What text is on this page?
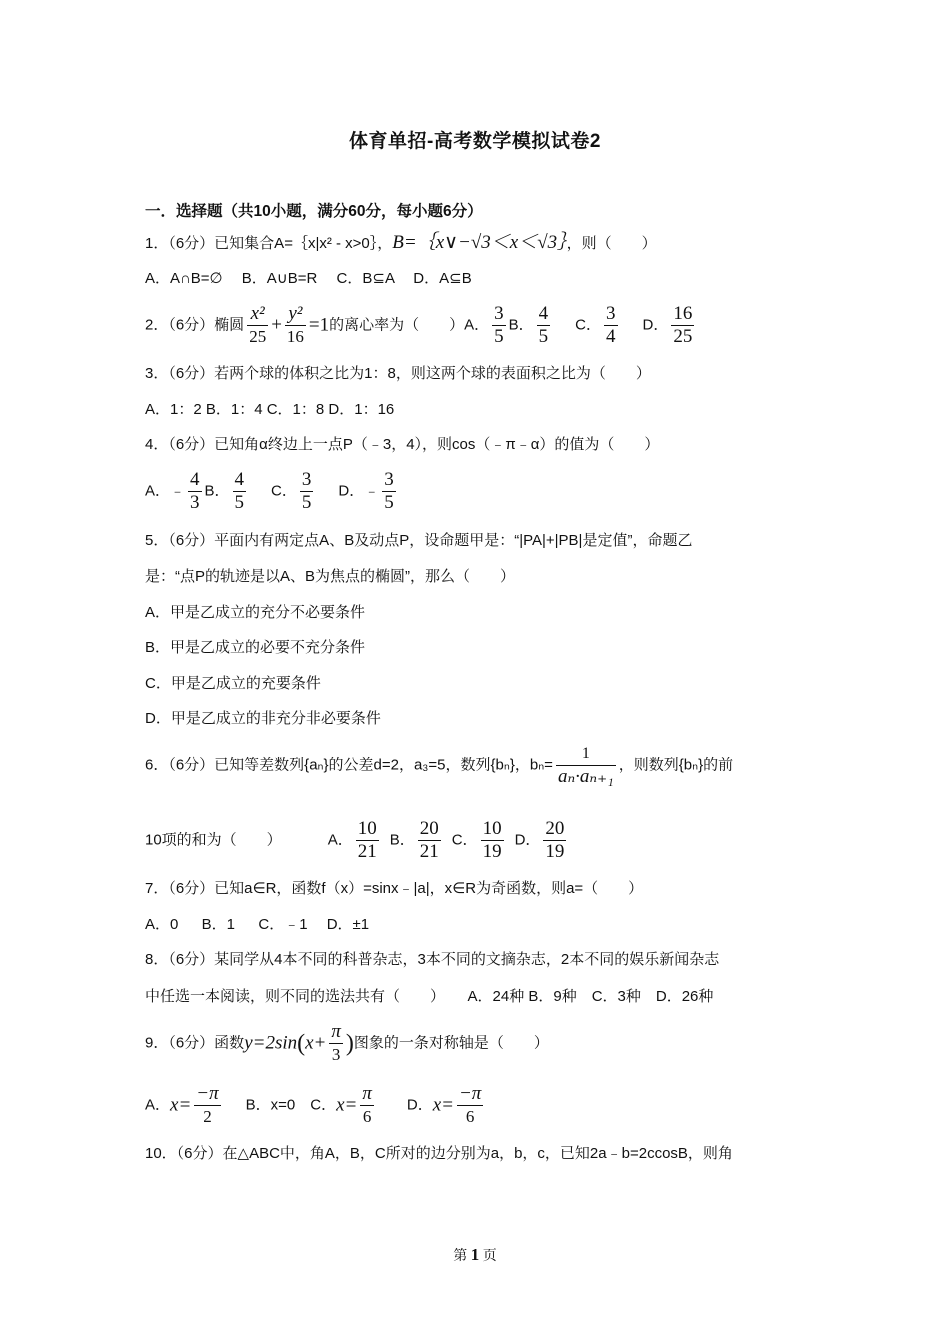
体育单招-高考数学模拟试卷2
一．选择题（共10小题，满分60分，每小题6分）
1．（6分）已知集合A=｛x|x² - x>0｝，B=｛x∨−√3＜x＜√3｝，则（　　）
A．A∩B=∅ 　B．A∪B=R 　C．B⊆A 　D．A⊆B
2．（6分）椭圆 $\frac{\text{x²}}{25} + \frac{\text{y²}}{16} =1$的离心率为（　　）A． $\frac{3}{5}$ B． $\frac{4}{5}$ C． $\frac{3}{4}$ D． $\frac{16}{25}$
3．（6分）若两个球的体积之比为1：8，则这两个球的表面积之比为（　　）
A．1：2 B．1：4 C．1：8 D．1：16
4．（6分）已知角α终边上一点P（﹣3，4），则cos（﹣π﹣α）的值为（　　）
A．﹣ $\frac{4}{3}$ B． $\frac{4}{5}$ C． $\frac{3}{5}$ D．﹣ $\frac{3}{5}$
5．（6分）平面内有两定点A、B及动点P，设命题甲是：“|PA|+|PB|是定值”，命题乙
是：“点P的轨迹是以A、B为焦点的椭圆”，那么（　　）
A．甲是乙成立的充分不必要条件
B．甲是乙成立的必要不充分条件
C．甲是乙成立的充要条件
D．甲是乙成立的非充分非必要条件
6．（6分）已知等差数列{aₙ}的公差d=2，a₃=5，数列{bₙ}，$b_n= \frac{1}{\text{aₙ·aₙ₊₁}}$ ，则数列{bₙ}的前
10项的和为（　　）	A． $\frac{10}{21}$ B． $\frac{20}{21}$ C． $\frac{10}{19}$ D． $\frac{20}{19}$
7．（6分）已知a∈R，函数f（x）=sinx﹣|a|，x∈R为奇函数，则a=（　　）
A．0 　 B．1 　 C．﹣1 　D．±1
8．（6分）某同学从4本不同的科普杂志，3本不同的文摘杂志，2本不同的娱乐新闻杂志
中任选一本阅读，则不同的选法共有（　　）　　A．24种 B．9种　C．3种　D．26种
9．（6分）函数$y=2\sin(x+ \frac{\pi}{3}$ )图象的一条对称轴是（　　）
A．$x= \frac{-\pi}{2}$ B．x=0　C．$x= \frac{\pi}{6}$ D．$x= \frac{-\pi}{6}$
10．（6分）在△ABC中，角A，B，C所对的边分别为a，b，c，已知2a﹣b=2ccosB，则角
第 1 页
